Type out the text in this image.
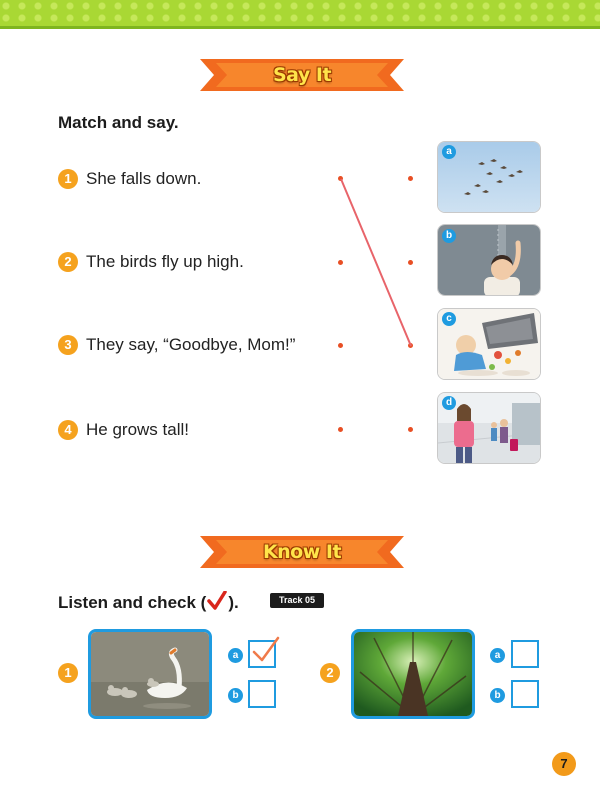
Say It
Match and say.
1 She falls down.
2 The birds fly up high.
3 They say, “Goodbye, Mom!”
4 He grows tall!
a
b
c
d
Know It
Listen and check ( ).	Track 05
1
a
b
2
a
b
7
